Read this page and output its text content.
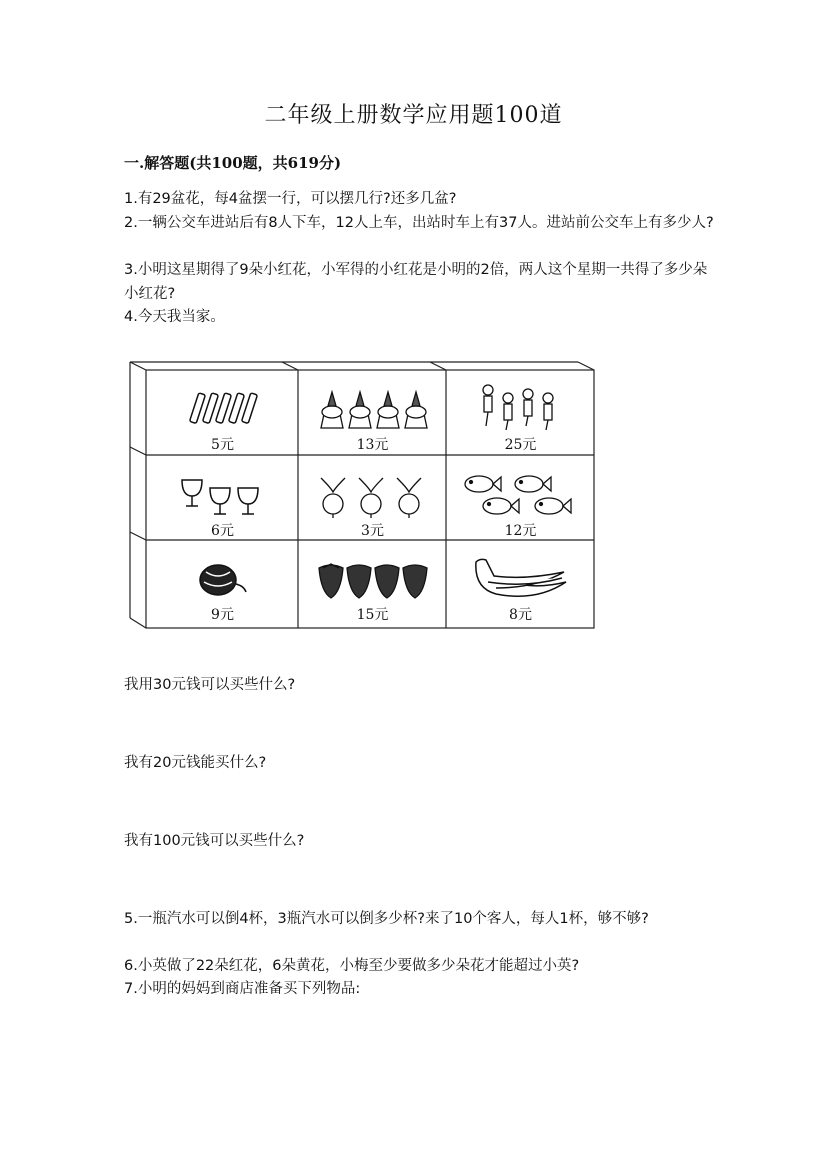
二年级上册数学应用题100道
一.解答题(共100题，共619分)
1.有29盆花，每4盆摆一行，可以摆几行?还多几盆?
2.一辆公交车进站后有8人下车，12人上车，出站时车上有37人。进站前公交车上有多少人?
3.小明这星期得了9朵小红花，小军得的小红花是小明的2倍，两人这个星期一共得了多少朵小红花?
4.今天我当家。
5元	13元	25元
6元	3元	12元
9元	15元	8元
我用30元钱可以买些什么?
我有20元钱能买什么?
我有100元钱可以买些什么?
5.一瓶汽水可以倒4杯，3瓶汽水可以倒多少杯?来了10个客人，每人1杯，够不够?
6.小英做了22朵红花，6朵黄花，小梅至少要做多少朵花才能超过小英?
7.小明的妈妈到商店准备买下列物品:
